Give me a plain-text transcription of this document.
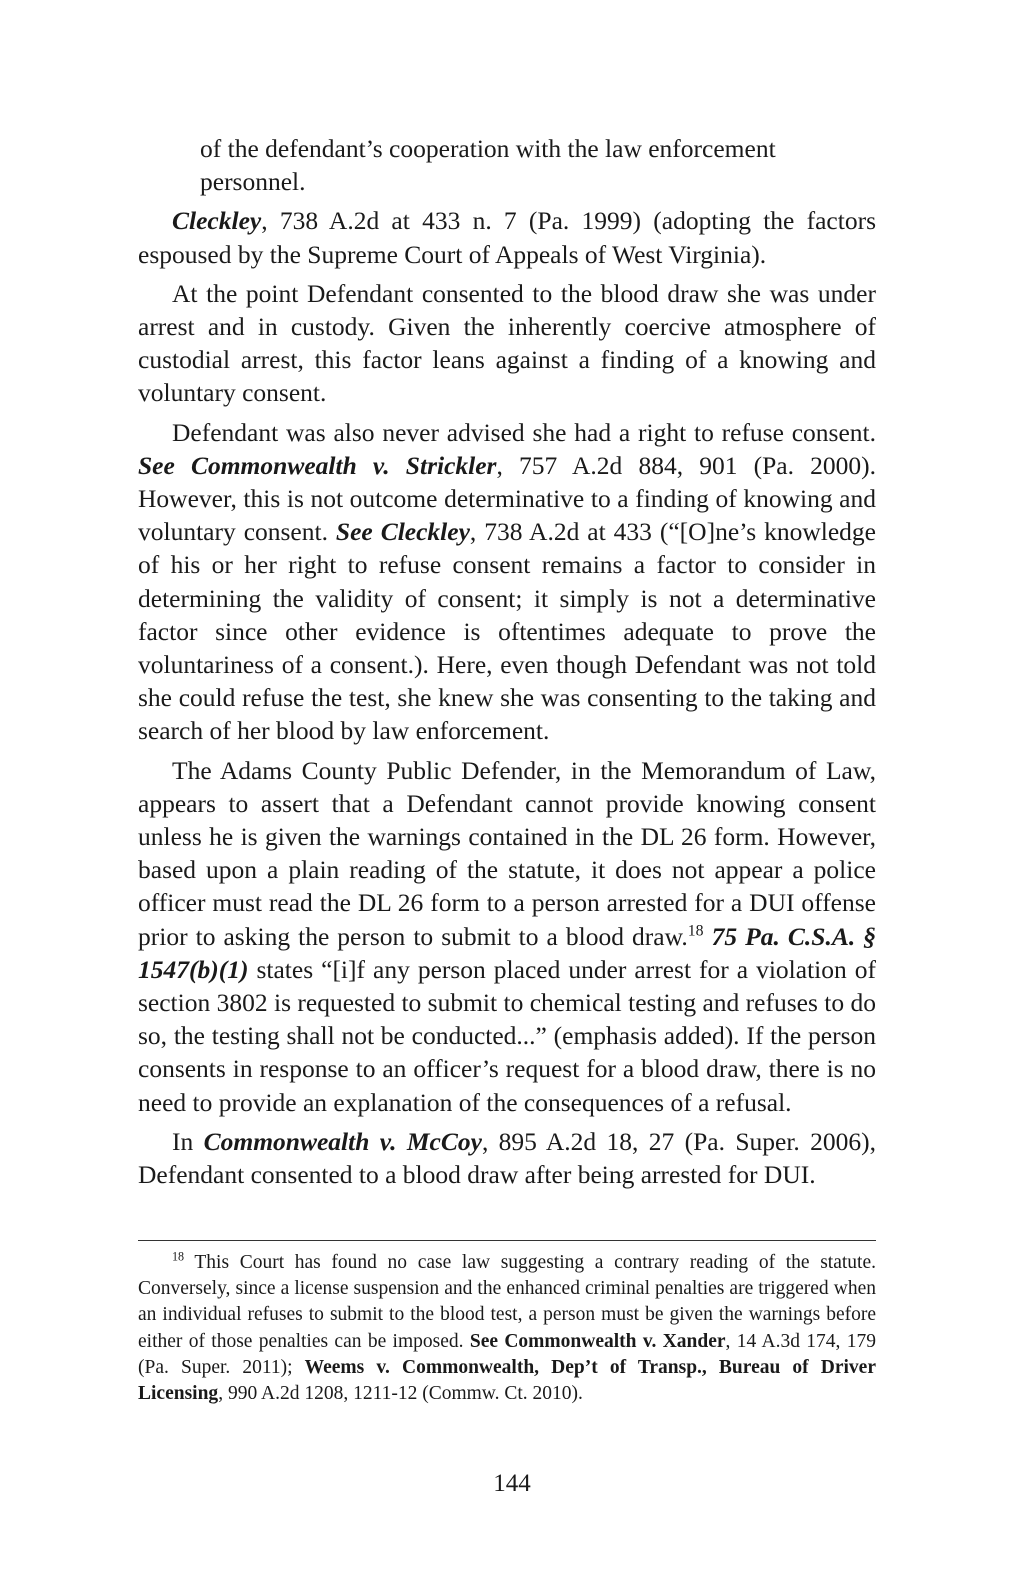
of the defendant’s cooperation with the law enforcement personnel.

Cleckley, 738 A.2d at 433 n. 7 (Pa. 1999) (adopting the factors espoused by the Supreme Court of Appeals of West Virginia).

At the point Defendant consented to the blood draw she was under arrest and in custody. Given the inherently coercive atmosphere of custodial arrest, this factor leans against a finding of a knowing and voluntary consent.

Defendant was also never advised she had a right to refuse consent. See Commonwealth v. Strickler, 757 A.2d 884, 901 (Pa. 2000). However, this is not outcome determinative to a finding of knowing and voluntary consent. See Cleckley, 738 A.2d at 433 (“[O]ne’s knowledge of his or her right to refuse consent remains a factor to consider in determining the validity of consent; it simply is not a determinative factor since other evidence is oftentimes adequate to prove the voluntariness of a consent.). Here, even though Defendant was not told she could refuse the test, she knew she was consenting to the taking and search of her blood by law enforcement.

The Adams County Public Defender, in the Memorandum of Law, appears to assert that a Defendant cannot provide knowing consent unless he is given the warnings contained in the DL 26 form. However, based upon a plain reading of the statute, it does not appear a police officer must read the DL 26 form to a person arrested for a DUI offense prior to asking the person to submit to a blood draw.$^{18}$ 75 Pa. C.S.A. § 1547(b)(1) states “[i]f any person placed under arrest for a violation of section 3802 is requested to submit to chemical testing and refuses to do so, the testing shall not be conducted...” (emphasis added). If the person consents in response to an officer’s request for a blood draw, there is no need to provide an explanation of the consequences of a refusal.

In Commonwealth v. McCoy, 895 A.2d 18, 27 (Pa. Super. 2006), Defendant consented to a blood draw after being arrested for DUI.

$^{18}$ This Court has found no case law suggesting a contrary reading of the statute. Conversely, since a license suspension and the enhanced criminal penalties are triggered when an individual refuses to submit to the blood test, a person must be given the warnings before either of those penalties can be imposed. See Commonwealth v. Xander, 14 A.3d 174, 179 (Pa. Super. 2011); Weems v. Commonwealth, Dep’t of Transp., Bureau of Driver Licensing, 990 A.2d 1208, 1211-12 (Commw. Ct. 2010).

144
